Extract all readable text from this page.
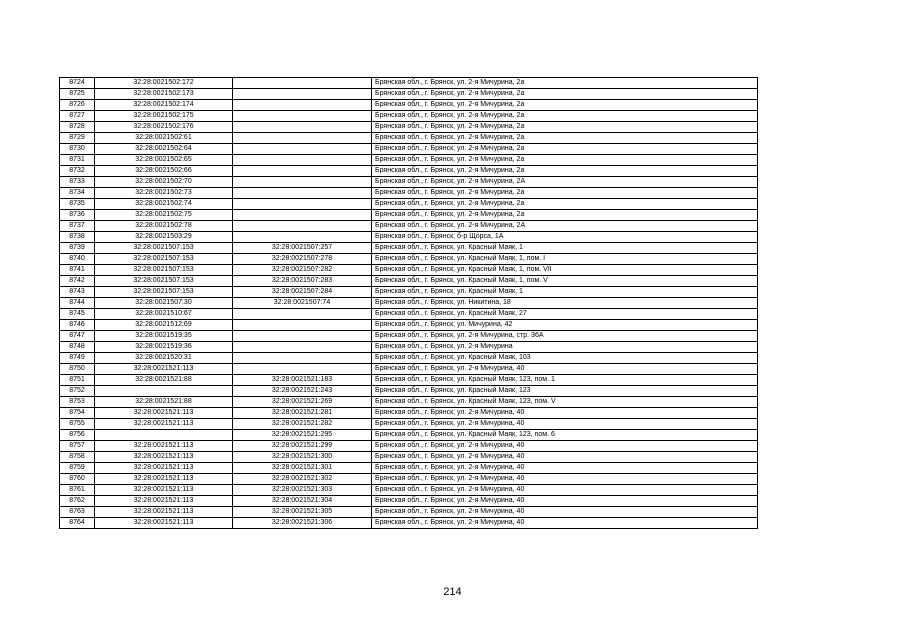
8724	32:28:0021502:172		Брянская обл., г. Брянск, ул. 2-я Мичурина, 2а
8725	32:28:0021502:173		Брянская обл., г. Брянск, ул. 2-я Мичурина, 2а
8726	32:28:0021502:174		Брянская обл., г. Брянск, ул. 2-я Мичурина, 2а
8727	32:28:0021502:175		Брянская обл., г. Брянск, ул. 2-я Мичурина, 2а
8728	32:28:0021502:176		Брянская обл., г. Брянск, ул. 2-я Мичурина, 2а
8729	32:28:0021502:61		Брянская обл., г. Брянск, ул. 2-я Мичурина, 2а
8730	32:28:0021502:64		Брянская обл., г. Брянск, ул. 2-я Мичурина, 2а
8731	32:28:0021502:65		Брянская обл., г. Брянск, ул. 2-я Мичурина, 2а
8732	32:28:0021502:66		Брянская обл., г. Брянск, ул. 2-я Мичурина, 2а
8733	32:28:0021502:70		Брянская обл., г. Брянск, ул. 2-я Мичурина, 2А
8734	32:28:0021502:73		Брянская обл., г. Брянск, ул. 2-я Мичурина, 2а
8735	32:28:0021502:74		Брянская обл., г. Брянск, ул. 2-я Мичурина, 2а
8736	32:28:0021502:75		Брянская обл., г. Брянск, ул. 2-я Мичурина, 2а
8737	32:28:0021502:78		Брянская обл., г. Брянск, ул. 2-я Мичурина, 2А
8738	32:28:0021503:29		Брянская обл., г. Брянск, б-р Щорса, 1А
8739	32:28:0021507:153	32:28:0021507:257	Брянская обл., г. Брянск, ул. Красный Маяк, 1
8740	32:28:0021507:153	32:28:0021507:278	Брянская обл., г. Брянск, ул. Красный Маяк, 1, пом. I
8741	32:28:0021507:153	32:28:0021507:282	Брянская обл., г. Брянск, ул. Красный Маяк, 1, пом. VII
8742	32:28:0021507:153	32:28:0021507:283	Брянская обл., г. Брянск, ул. Красный Маяк, 1, пом. V
8743	32:28:0021507:153	32:28:0021507:284	Брянская обл., г. Брянск, ул. Красный Маяк, 1
8744	32:28:0021507:30	32:28:0021507:74	Брянская обл., г. Брянск, ул. Никитина, 18
8745	32:28:0021510:67		Брянская обл., г. Брянск, ул. Красный Маяк, 27
8746	32:28:0021512:69		Брянская обл., г. Брянск, ул. Мичурина, 42
8747	32:28:0021519:35		Брянская обл., г. Брянск, ул. 2-я Мичурина, стр. 36А
8748	32:28:0021519:36		Брянская обл., г. Брянск, ул. 2-я Мичурина
8749	32:28:0021520:31		Брянская обл., г. Брянск, ул. Красный Маяк, 103
8750	32:28:0021521:113		Брянская обл., г. Брянск, ул. 2-я Мичурина, 40
8751	32:28:0021521:88	32:28:0021521:183	Брянская обл., г. Брянск, ул. Красный Маяк, 123, пом. 1
8752		32:28:0021521:243	Брянская обл., г. Брянск, ул. Красный Маяк, 123
8753	32:28:0021521:88	32:28:0021521:269	Брянская обл., г. Брянск, ул. Красный Маяк, 123, пом. V
8754	32:28:0021521:113	32:28:0021521:281	Брянская обл., г. Брянск, ул. 2-я Мичурина, 40
8755	32:28:0021521:113	32:28:0021521:282	Брянская обл., г. Брянск, ул. 2-я Мичурина, 40
8756		32:28:0021521:295	Брянская обл., г. Брянск, ул. Красный Маяк, 123, пом. 6
8757	32:28:0021521:113	32:28:0021521:299	Брянская обл., г. Брянск, ул. 2-я Мичурина, 40
8758	32:28:0021521:113	32:28:0021521:300	Брянская обл., г. Брянск, ул. 2-я Мичурина, 40
8759	32:28:0021521:113	32:28:0021521:301	Брянская обл., г. Брянск, ул. 2-я Мичурина, 40
8760	32:28:0021521:113	32:28:0021521:302	Брянская обл., г. Брянск, ул. 2-я Мичурина, 40
8761	32:28:0021521:113	32:28:0021521:303	Брянская обл., г. Брянск, ул. 2-я Мичурина, 40
8762	32:28:0021521:113	32:28:0021521:304	Брянская обл., г. Брянск, ул. 2-я Мичурина, 40
8763	32:28:0021521:113	32:28:0021521:305	Брянская обл., г. Брянск, ул. 2-я Мичурина, 40
8764	32:28:0021521:113	32:28:0021521:306	Брянская обл., г. Брянск, ул. 2-я Мичурина, 40
214
